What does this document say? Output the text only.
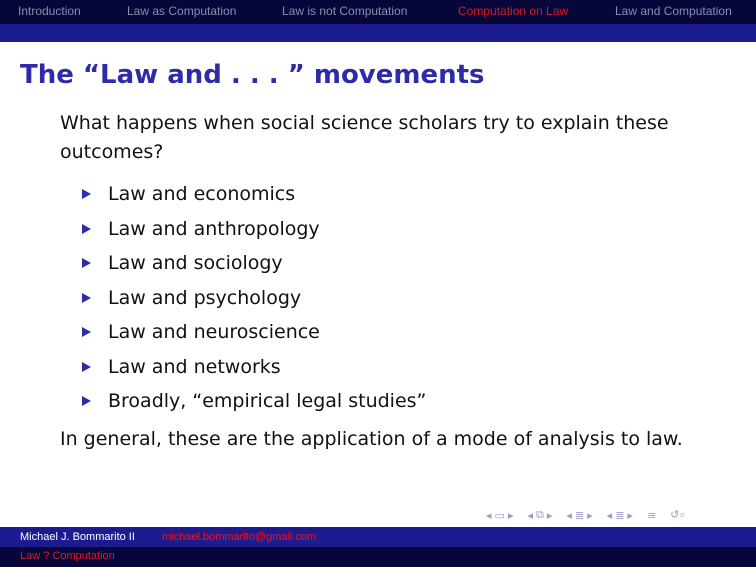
Introduction	Law as Computation	Law is not Computation	Computation on Law	Law and Computation
The “Law and . . . ” movements

What happens when social science scholars try to explain these outcomes?

Law and economics
Law and anthropology
Law and sociology
Law and psychology
Law and neuroscience
Law and networks
Broadly, “empirical legal studies”

In general, these are the application of a mode of analysis to law.

◂ ▭ ▸ ◂ ⧉ ▸ ◂ ≣ ▸ ◂ ≣ ▸ ≡ ↺⌕
Michael J. Bommarito II michael.bommarito@gmail.com
Law ? Computation
